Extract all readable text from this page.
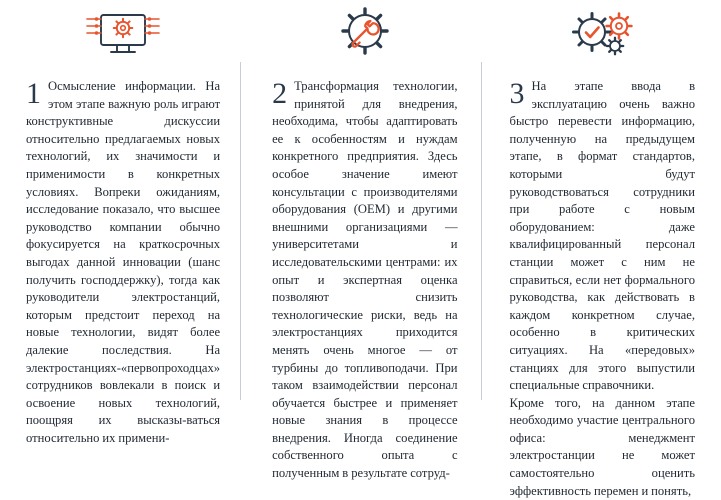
1 Осмысление информации. На этом этапе важную роль играют конструктивные дискуссии относительно предлагаемых новых технологий, их значимости и применимости в конкретных условиях. Вопреки ожиданиям, исследование показало, что высшее руководство компании обычно фокусируется на краткосрочных выгодах данной инновации (шанс получить господдержку), тогда как руководители электростанций, которым предстоит переход на новые технологии, видят более далекие последствия. На электростанциях-«первопроходцах» сотрудников вовлекали в поиск и освоение новых технологий, поощряя их высказы-ваться относительно их примени-

2 Трансформация технологии, принятой для внедрения, необходима, чтобы адаптировать ее к особенностям и нуждам конкретного предприятия. Здесь особое значение имеют консультации с производителями оборудования (OEM) и другими внешними организациями — университетами и исследовательскими центрами: их опыт и экспертная оценка позволяют снизить технологические риски, ведь на электростанциях приходится менять очень многое — от турбины до топливоподачи. При таком взаимодействии персонал обучается быстрее и применяет новые знания в процессе внедрения. Иногда соединение собственного опыта с полученным в результате сотруд-

3 На этапе ввода в эксплуатацию очень важно быстро перевести информацию, полученную на предыдущем этапе, в формат стандартов, которыми будут руководствоваться сотрудники при работе с новым оборудованием: даже квалифицированный персонал станции может с ним не справиться, если нет формального руководства, как действовать в каждом конкретном случае, особенно в критических ситуациях. На «передовых» станциях для этого выпустили специальные справочники.

Кроме того, на данном этапе необходимо участие центрального офиса: менеджмент электростанции не может самостоятельно оценить эффективность перемен и понять,
